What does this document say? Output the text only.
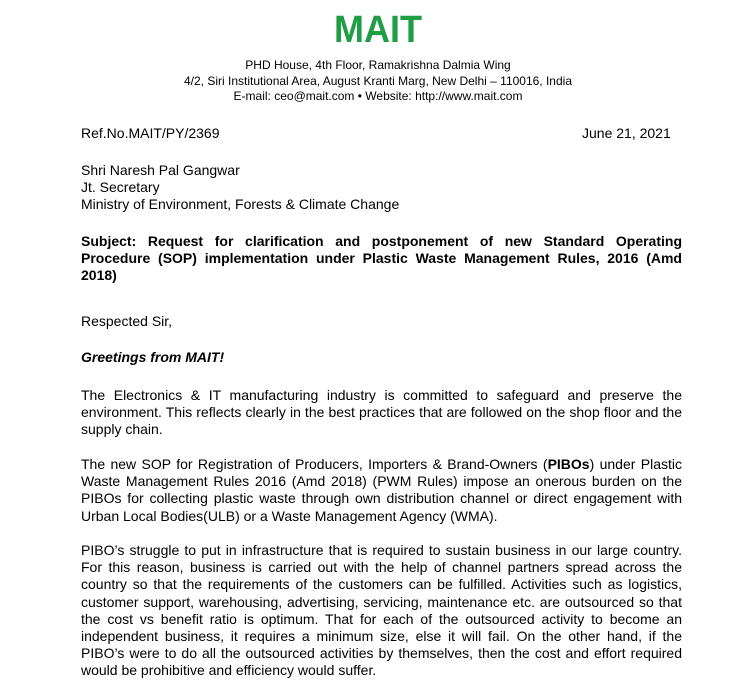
MAIT
PHD House, 4th Floor, Ramakrishna Dalmia Wing
4/2, Siri Institutional Area, August Kranti Marg, New Delhi – 110016, India
E-mail: ceo@mait.com • Website: http://www.mait.com
Ref.No.MAIT/PY/2369	June 21, 2021
Shri Naresh Pal Gangwar
Jt. Secretary
Ministry of Environment, Forests & Climate Change
Subject: Request for clarification and postponement of new Standard Operating Procedure (SOP) implementation under Plastic Waste Management Rules, 2016 (Amd 2018)
Respected Sir,
Greetings from MAIT!
The Electronics & IT manufacturing industry is committed to safeguard and preserve the environment. This reflects clearly in the best practices that are followed on the shop floor and the supply chain.
The new SOP for Registration of Producers, Importers & Brand-Owners (PIBOs) under Plastic Waste Management Rules 2016 (Amd 2018) (PWM Rules) impose an onerous burden on the PIBOs for collecting plastic waste through own distribution channel or direct engagement with Urban Local Bodies(ULB) or a Waste Management Agency (WMA).
PIBO’s struggle to put in infrastructure that is required to sustain business in our large country. For this reason, business is carried out with the help of channel partners spread across the country so that the requirements of the customers can be fulfilled. Activities such as logistics, customer support, warehousing, advertising, servicing, maintenance etc. are outsourced so that the cost vs benefit ratio is optimum. That for each of the outsourced activity to become an independent business, it requires a minimum size, else it will fail. On the other hand, if the PIBO’s were to do all the outsourced activities by themselves, then the cost and effort required would be prohibitive and efficiency would suffer.
